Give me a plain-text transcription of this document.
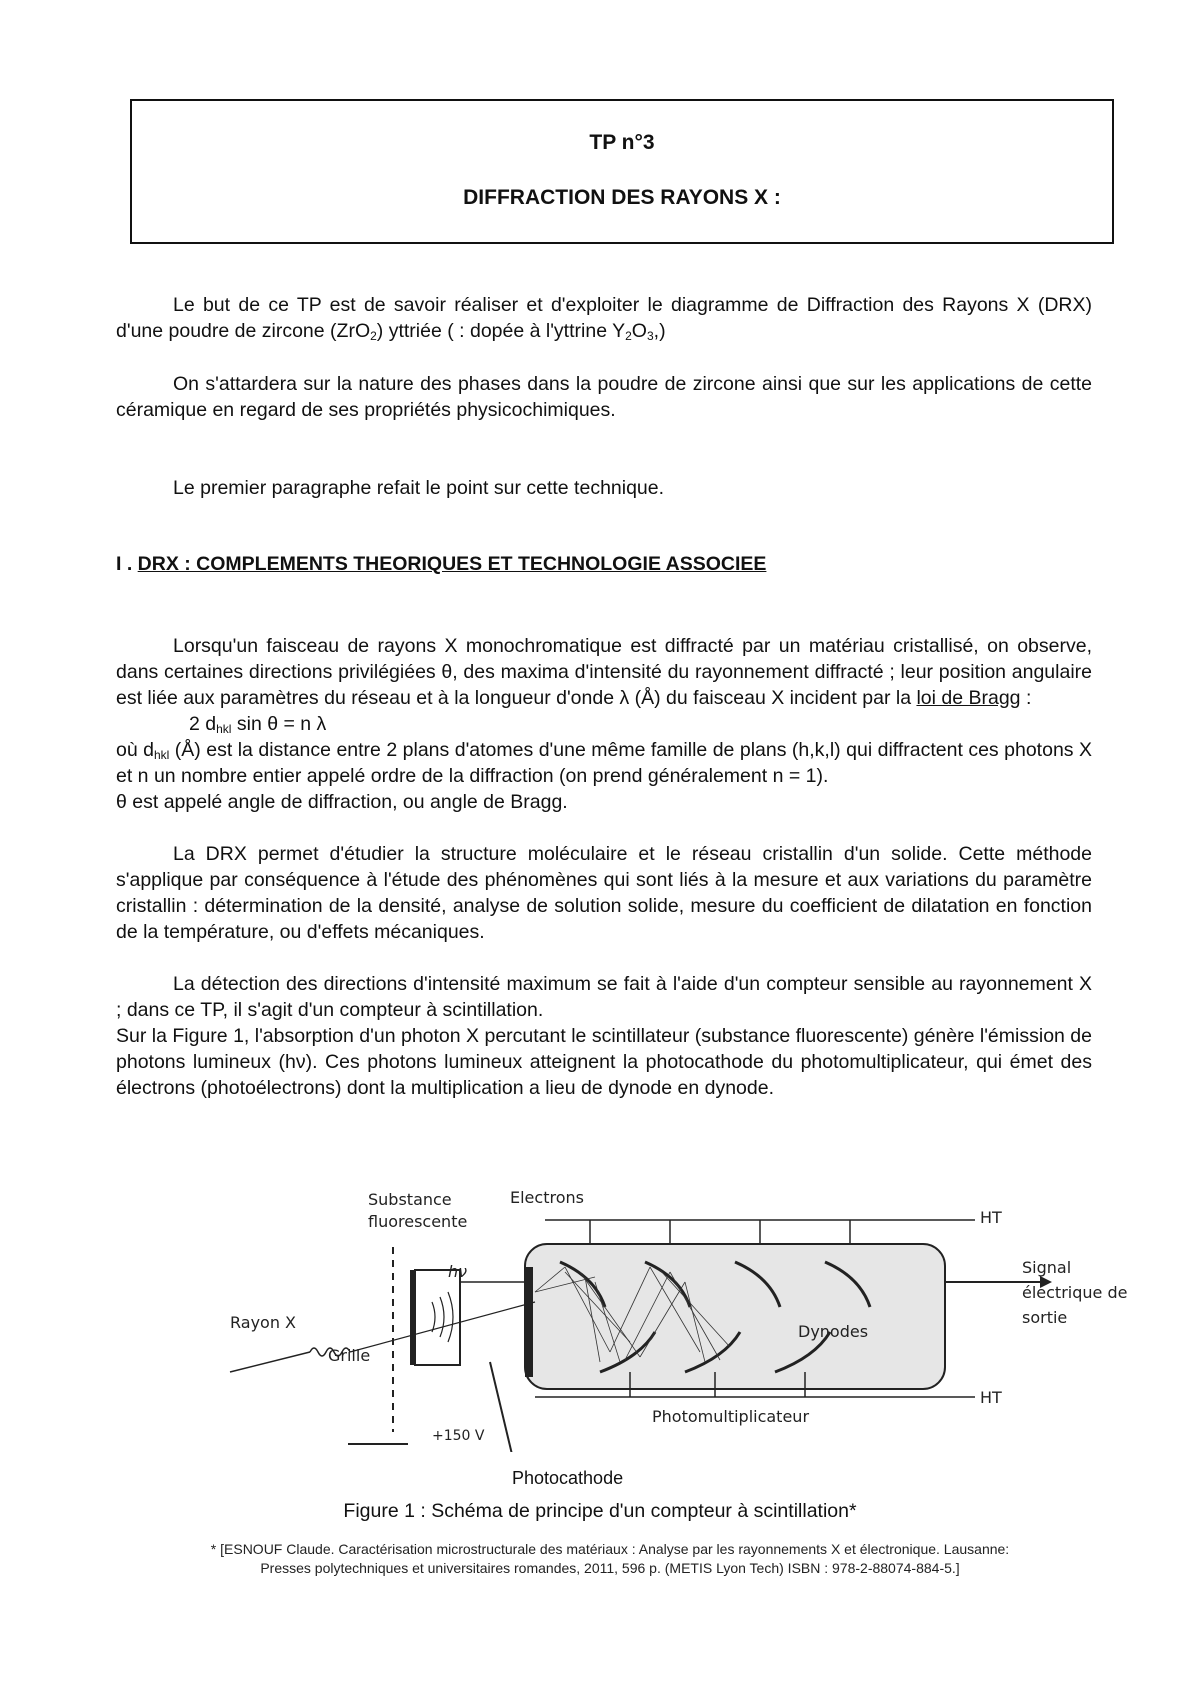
TP n°3
DIFFRACTION DES RAYONS X :
Le but de ce TP est de savoir réaliser et d'exploiter le diagramme de Diffraction des Rayons X (DRX) d'une poudre de zircone (ZrO$_2$) yttriée ( : dopée à l'yttrine $Y_2O_3$,)
On s'attardera sur la nature des phases dans la poudre de zircone ainsi que sur les applications de cette céramique en regard de ses propriétés physicochimiques.
Le premier paragraphe refait le point sur cette technique.
I . DRX : COMPLEMENTS THEORIQUES ET TECHNOLOGIE ASSOCIEE
Lorsqu'un faisceau de rayons X monochromatique est diffracté par un matériau cristallisé, on observe, dans certaines directions privilégiées θ, des maxima d'intensité du rayonnement diffracté ; leur position angulaire est liée aux paramètres du réseau et à la longueur d'onde λ (Å) du faisceau X incident par la loi de Bragg :
2 $d_{hkl}$ sin θ = n λ
où $d_{hkl}$ (Å) est la distance entre 2 plans d'atomes d'une même famille de plans (h,k,l) qui diffractent ces photons X et n un nombre entier appelé ordre de la diffraction (on prend généralement n = 1).
θ est appelé angle de diffraction, ou angle de Bragg.
La DRX permet d'étudier la structure moléculaire et le réseau cristallin d'un solide. Cette méthode s'applique par conséquence à l'étude des phénomènes qui sont liés à la mesure et aux variations du paramètre cristallin : détermination de la densité, analyse de solution solide, mesure du coefficient de dilatation en fonction de la température, ou d'effets mécaniques.
La détection des directions d'intensité maximum se fait à l'aide d'un compteur sensible au rayonnement X ; dans ce TP, il s'agit d'un compteur à scintillation.
Sur la Figure 1, l'absorption d'un photon X percutant le scintillateur (substance fluorescente) génère l'émission de photons lumineux (hν). Ces photons lumineux atteignent la photocathode du photomultiplicateur, qui émet des électrons (photoélectrons) dont la multiplication a lieu de dynode en dynode.
Substance
fluorescente
Electrons
HT
HT
Signal
électrique de
sortie
Rayon X
Grille
hν
Dynodes
Photomultiplicateur
+150 V
Photocathode
Figure 1 : Schéma de principe d'un compteur à scintillation*
* [ESNOUF Claude. Caractérisation microstructurale des matériaux : Analyse par les rayonnements X et électronique. Lausanne:
Presses polytechniques et universitaires romandes, 2011, 596 p. (METIS Lyon Tech) ISBN : 978-2-88074-884-5.]
